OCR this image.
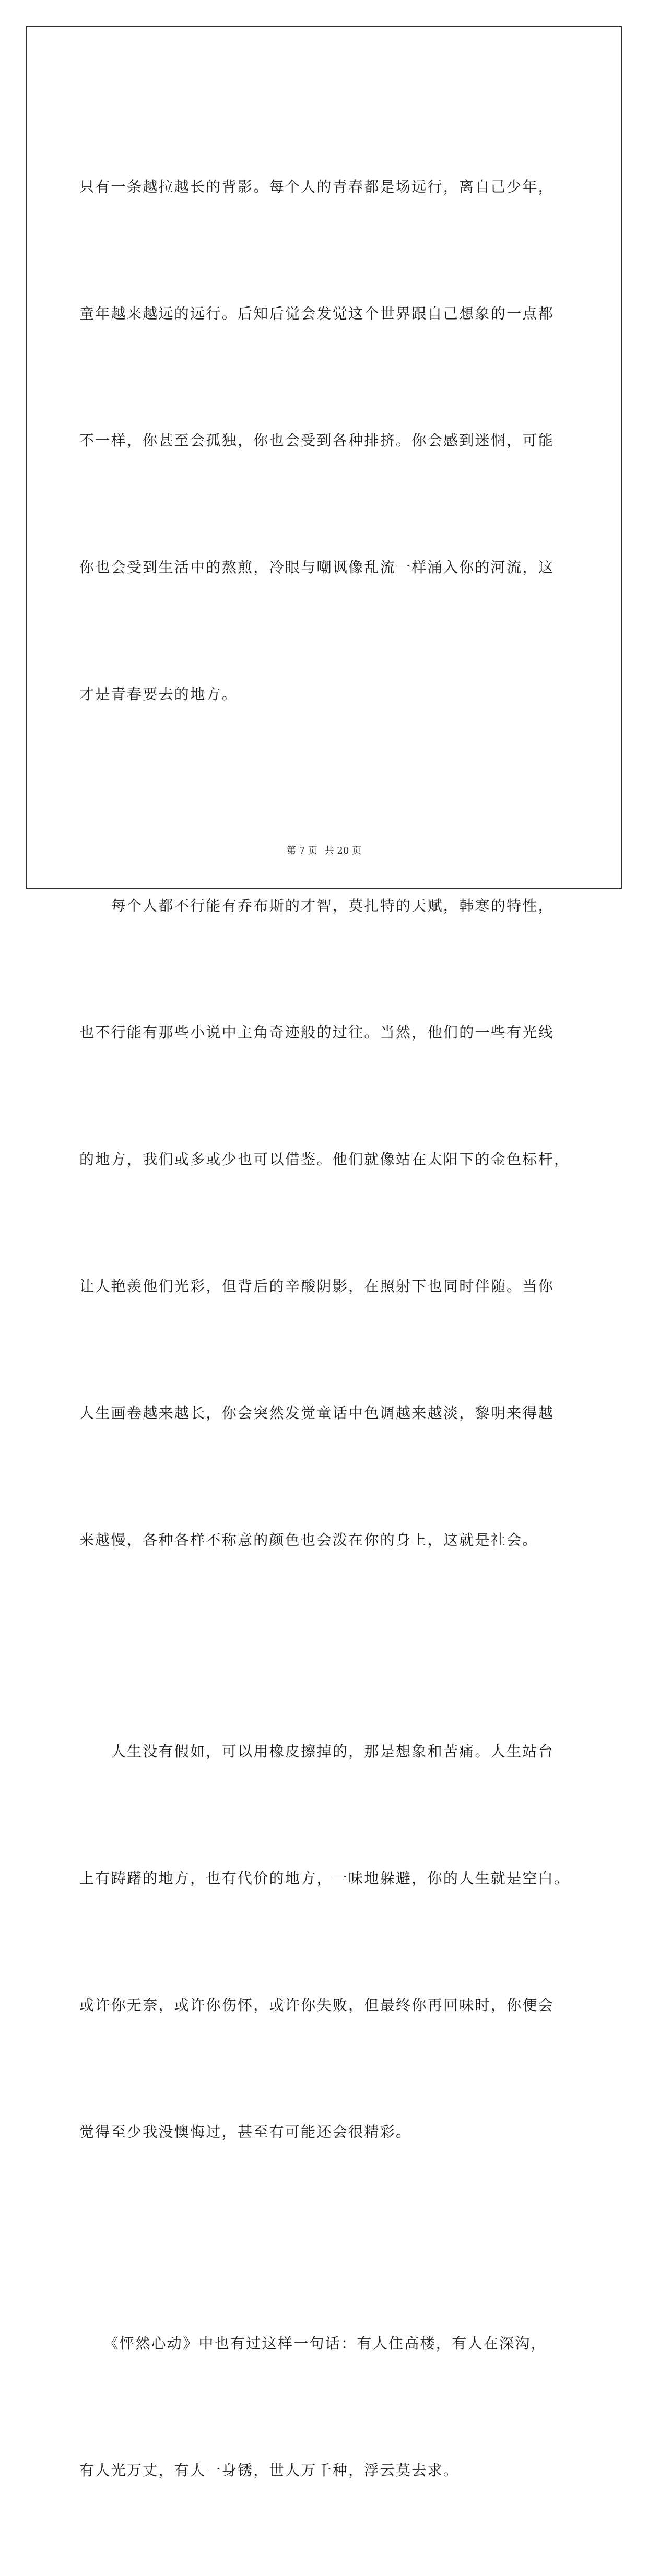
只有一条越拉越长的背影。每个人的青春都是场远行，离自己少年，

童年越来越远的远行。后知后觉会发觉这个世界跟自己想象的一点都

不一样，你甚至会孤独，你也会受到各种排挤。你会感到迷惘，可能

你也会受到生活中的熬煎，冷眼与嘲讽像乱流一样涌入你的河流，这

才是青春要去的地方。

　　每个人都不行能有乔布斯的才智，莫扎特的天赋，韩寒的特性，

也不行能有那些小说中主角奇迹般的过往。当然，他们的一些有光线

的地方，我们或多或少也可以借鉴。他们就像站在太阳下的金色标杆，

让人艳羡他们光彩，但背后的辛酸阴影，在照射下也同时伴随。当你

人生画卷越来越长，你会突然发觉童话中色调越来越淡，黎明来得越

来越慢，各种各样不称意的颜色也会泼在你的身上，这就是社会。

　　人生没有假如，可以用橡皮擦掉的，那是想象和苦痛。人生站台

上有踌躇的地方，也有代价的地方，一味地躲避，你的人生就是空白。

或许你无奈，或许你伤怀，或许你失败，但最终你再回味时，你便会

觉得至少我没懊悔过，甚至有可能还会很精彩。

　　《怦然心动》中也有过这样一句话：有人住高楼，有人在深沟，

有人光万丈，有人一身锈，世人万千种，浮云莫去求。

第 7 页 共 20 页
